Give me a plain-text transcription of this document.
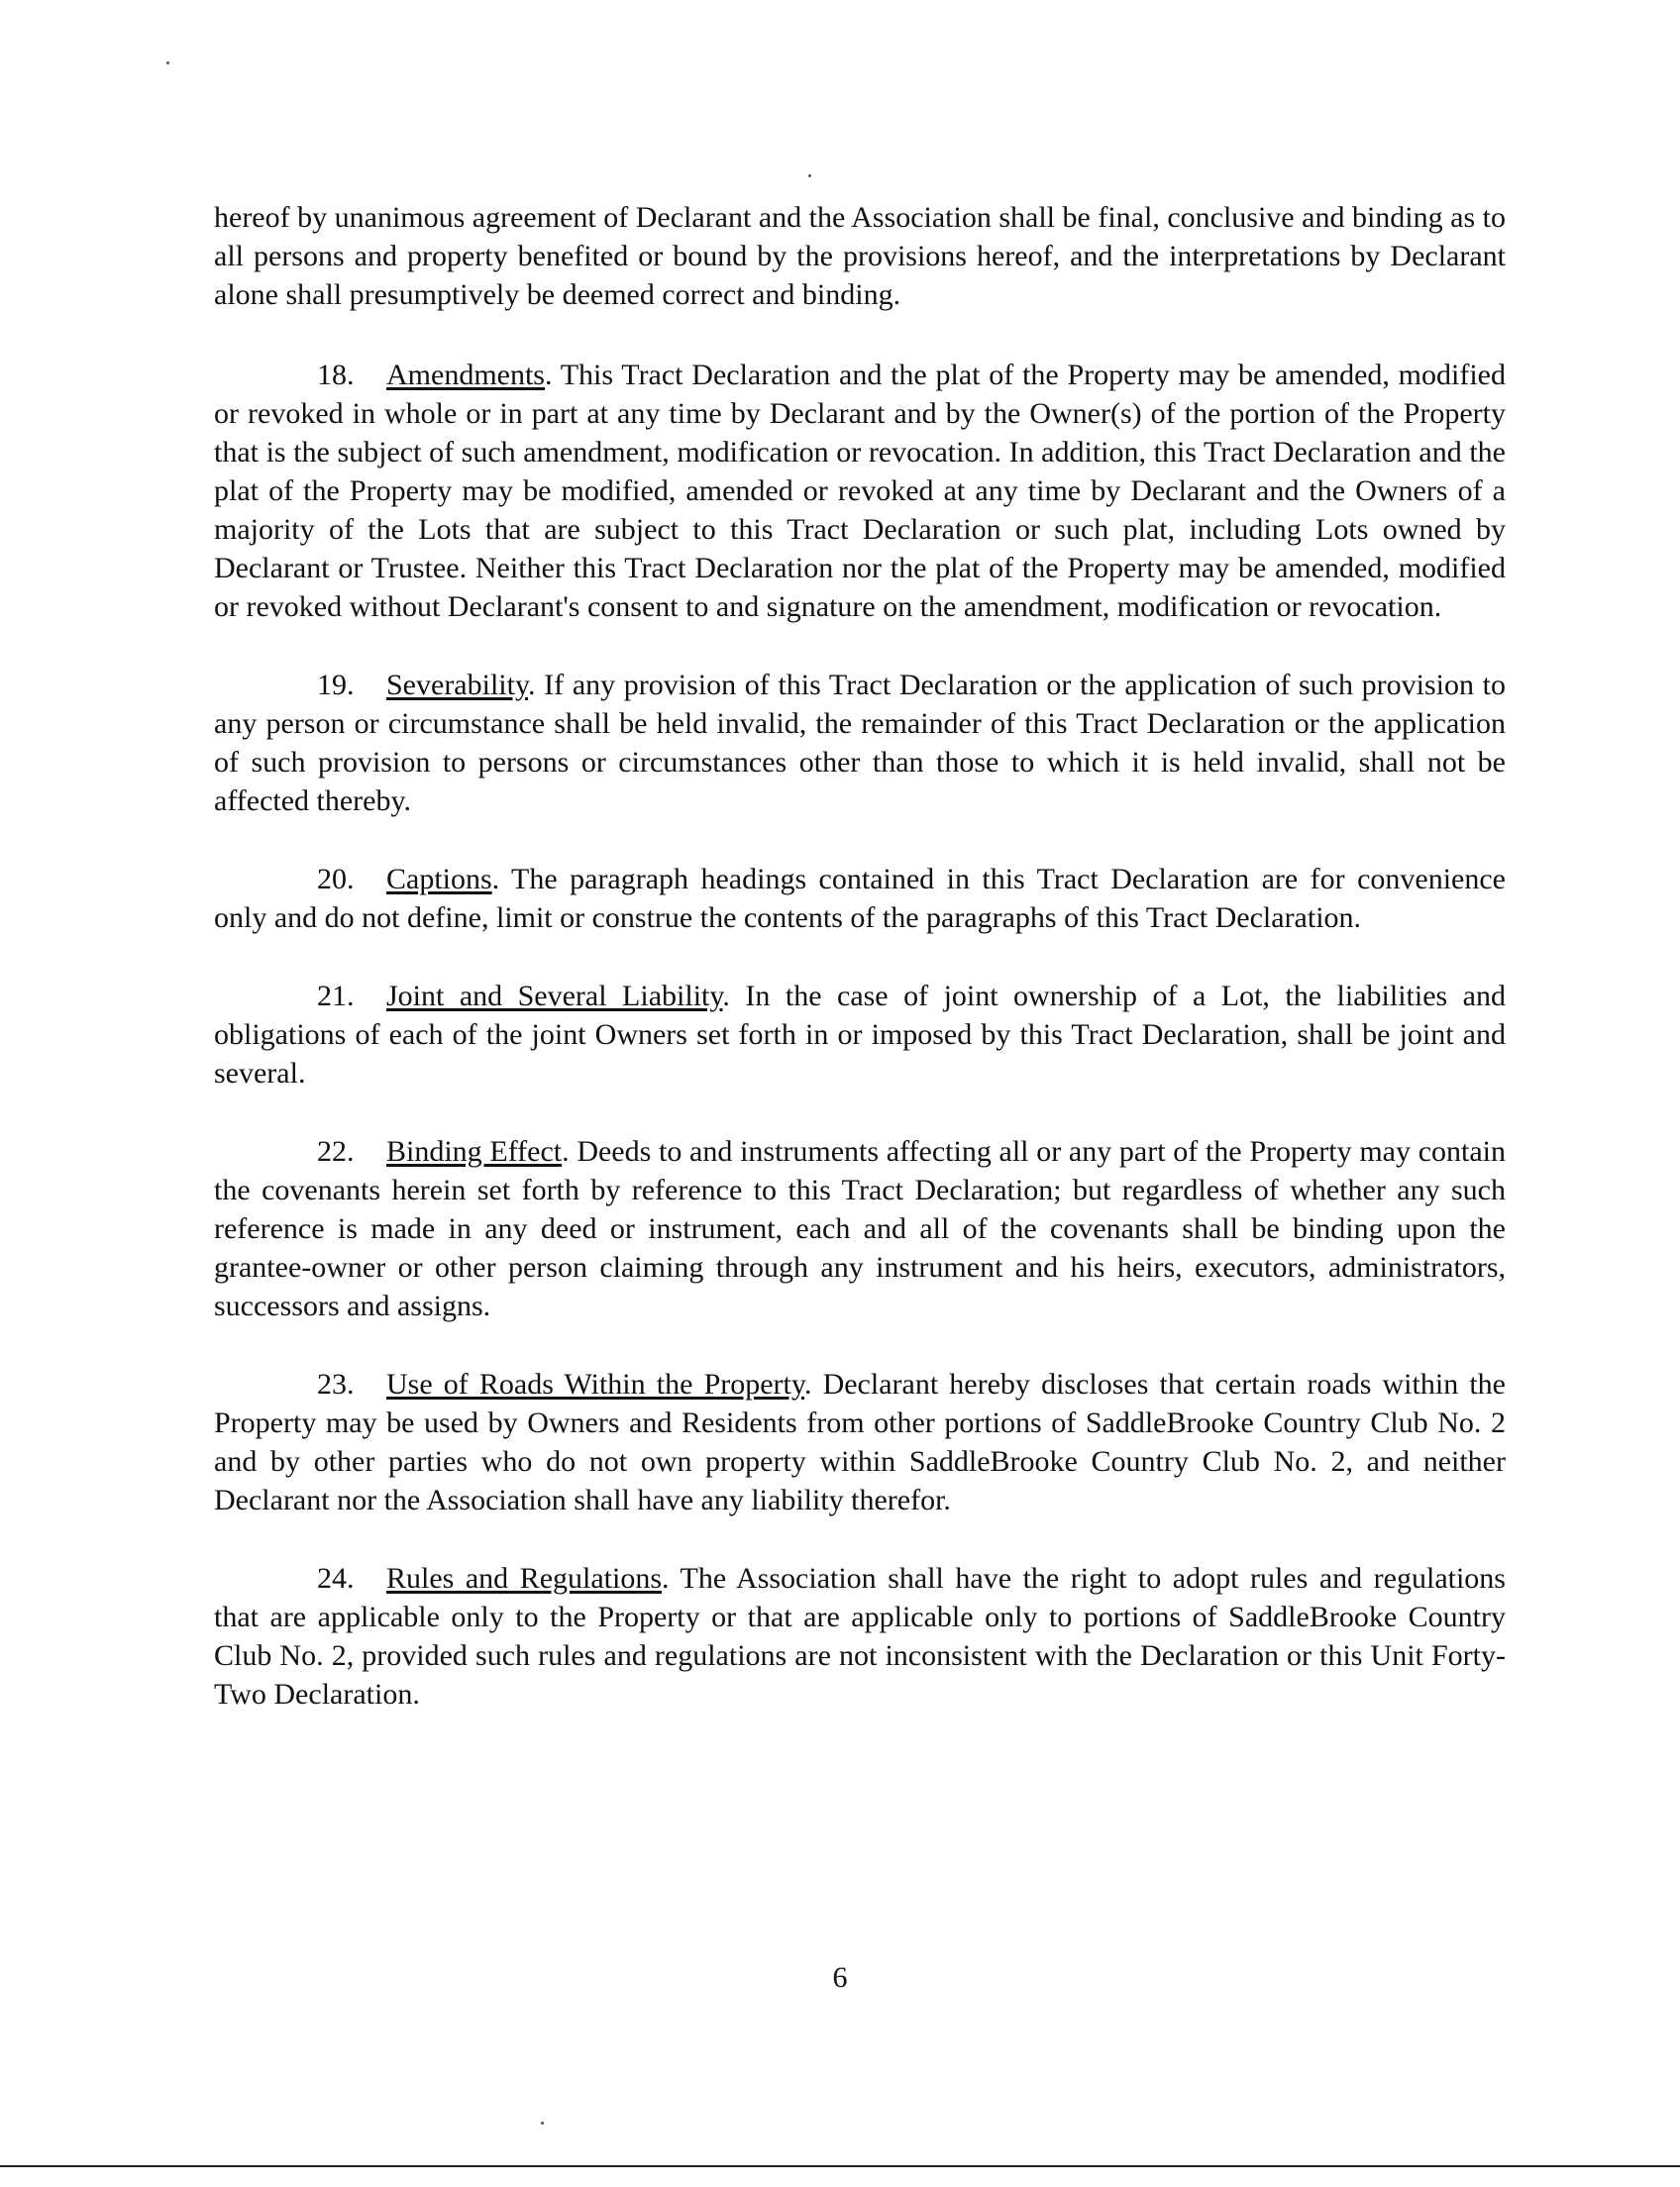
hereof by unanimous agreement of Declarant and the Association shall be final, conclusive and binding as to all persons and property benefited or bound by the provisions hereof, and the interpretations by Declarant alone shall presumptively be deemed correct and binding.

18. Amendments. This Tract Declaration and the plat of the Property may be amended, modified or revoked in whole or in part at any time by Declarant and by the Owner(s) of the portion of the Property that is the subject of such amendment, modification or revocation. In addition, this Tract Declaration and the plat of the Property may be modified, amended or revoked at any time by Declarant and the Owners of a majority of the Lots that are subject to this Tract Declaration or such plat, including Lots owned by Declarant or Trustee. Neither this Tract Declaration nor the plat of the Property may be amended, modified or revoked without Declarant's consent to and signature on the amendment, modification or revocation.

19. Severability. If any provision of this Tract Declaration or the application of such provision to any person or circumstance shall be held invalid, the remainder of this Tract Declaration or the application of such provision to persons or circumstances other than those to which it is held invalid, shall not be affected thereby.

20. Captions. The paragraph headings contained in this Tract Declaration are for convenience only and do not define, limit or construe the contents of the paragraphs of this Tract Declaration.

21. Joint and Several Liability. In the case of joint ownership of a Lot, the liabilities and obligations of each of the joint Owners set forth in or imposed by this Tract Declaration, shall be joint and several.

22. Binding Effect. Deeds to and instruments affecting all or any part of the Property may contain the covenants herein set forth by reference to this Tract Declaration; but regardless of whether any such reference is made in any deed or instrument, each and all of the covenants shall be binding upon the grantee-owner or other person claiming through any instrument and his heirs, executors, administrators, successors and assigns.

23. Use of Roads Within the Property. Declarant hereby discloses that certain roads within the Property may be used by Owners and Residents from other portions of SaddleBrooke Country Club No. 2 and by other parties who do not own property within SaddleBrooke Country Club No. 2, and neither Declarant nor the Association shall have any liability therefor.

24. Rules and Regulations. The Association shall have the right to adopt rules and regulations that are applicable only to the Property or that are applicable only to portions of SaddleBrooke Country Club No. 2, provided such rules and regulations are not inconsistent with the Declaration or this Unit Forty-Two Declaration.

6
